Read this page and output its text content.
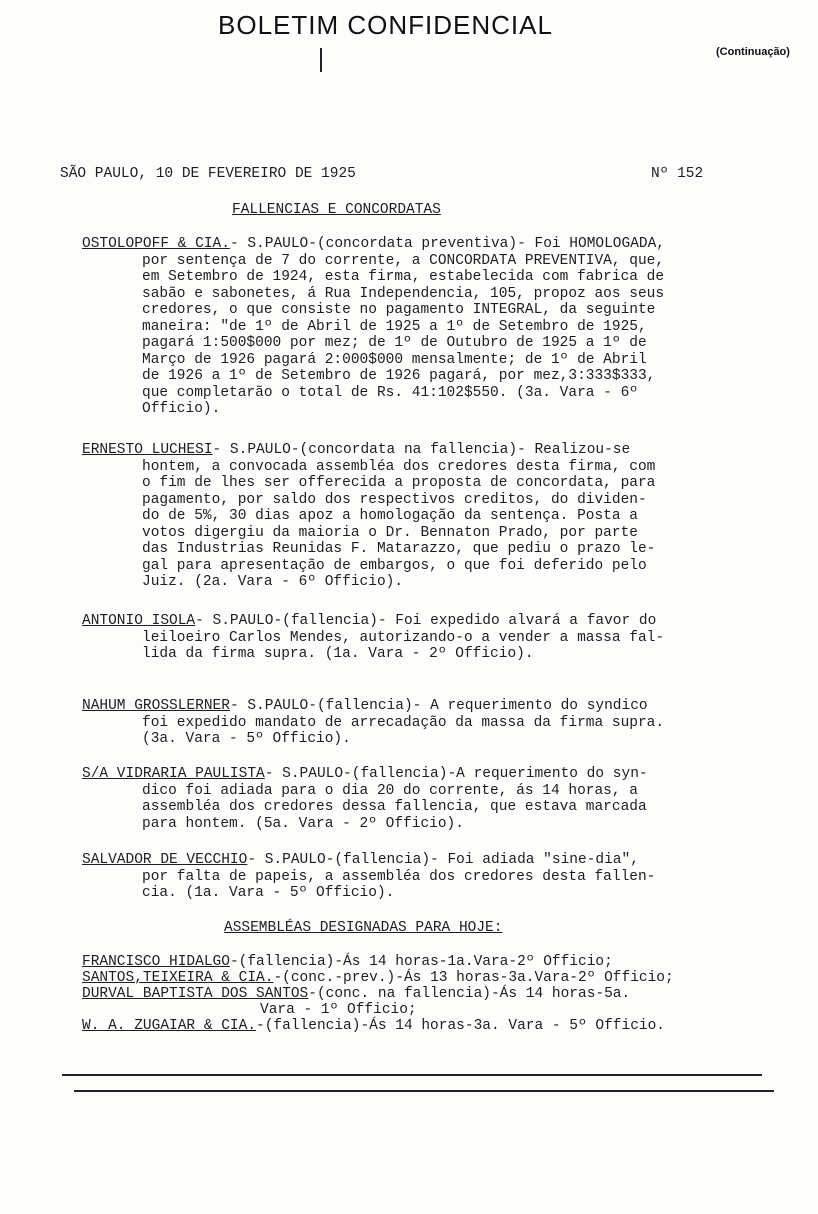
BOLETIM CONFIDENCIAL
(Continuação)
SÃO PAULO, 10 DE FEVEREIRO DE 1925	Nº 152
FALLENCIAS E CONCORDATAS
OSTOLOPOFF & CIA.- S.PAULO-(concordata preventiva)- Foi HOMOLOGADA,
por sentença de 7 do corrente, a CONCORDATA PREVENTIVA, que,
em Setembro de 1924, esta firma, estabelecida com fabrica de
sabão e sabonetes, á Rua Independencia, 105, propoz aos seus
credores, o que consiste no pagamento INTEGRAL, da seguinte
maneira: "de 1º de Abril de 1925 a 1º de Setembro de 1925,
pagará 1:500$000 por mez; de 1º de Outubro de 1925 a 1º de
Março de 1926 pagará 2:000$000 mensalmente; de 1º de Abril
de 1926 a 1º de Setembro de 1926 pagará, por mez,3:333$333,
que completarão o total de Rs. 41:102$550. (3a. Vara - 6º
Officio).
ERNESTO LUCHESI- S.PAULO-(concordata na fallencia)- Realizou-se
hontem, a convocada assembléa dos credores desta firma, com
o fim de lhes ser offerecida a proposta de concordata, para
pagamento, por saldo dos respectivos creditos, do dividen-
do de 5%, 30 dias apoz a homologação da sentença. Posta a
votos digergiu da maioria o Dr. Bennaton Prado, por parte
das Industrias Reunidas F. Matarazzo, que pediu o prazo le-
gal para apresentação de embargos, o que foi deferido pelo
Juiz. (2a. Vara - 6º Officio).
ANTONIO ISOLA- S.PAULO-(fallencia)- Foi expedido alvará a favor do
leiloeiro Carlos Mendes, autorizando-o a vender a massa fal-
lida da firma supra. (1a. Vara - 2º Officio).
NAHUM GROSSLERNER- S.PAULO-(fallencia)- A requerimento do syndico
foi expedido mandato de arrecadação da massa da firma supra.
(3a. Vara - 5º Officio).
S/A VIDRARIA PAULISTA- S.PAULO-(fallencia)-A requerimento do syn-
dico foi adiada para o dia 20 do corrente, ás 14 horas, a
assembléa dos credores dessa fallencia, que estava marcada
para hontem. (5a. Vara - 2º Officio).
SALVADOR DE VECCHIO- S.PAULO-(fallencia)- Foi adiada "sine-dia",
por falta de papeis, a assembléa dos credores desta fallen-
cia. (1a. Vara - 5º Officio).
ASSEMBLÉAS DESIGNADAS PARA HOJE:
FRANCISCO HIDALGO-(fallencia)-Ás 14 horas-1a.Vara-2º Officio;
SANTOS,TEIXEIRA & CIA.-(conc.-prev.)-Ás 13 horas-3a.Vara-2º Officio;
DURVAL BAPTISTA DOS SANTOS-(conc. na fallencia)-Ás 14 horas-5a.
Vara - 1º Officio;
W. A. ZUGAIAR & CIA.-(fallencia)-Ás 14 horas-3a. Vara - 5º Officio.
